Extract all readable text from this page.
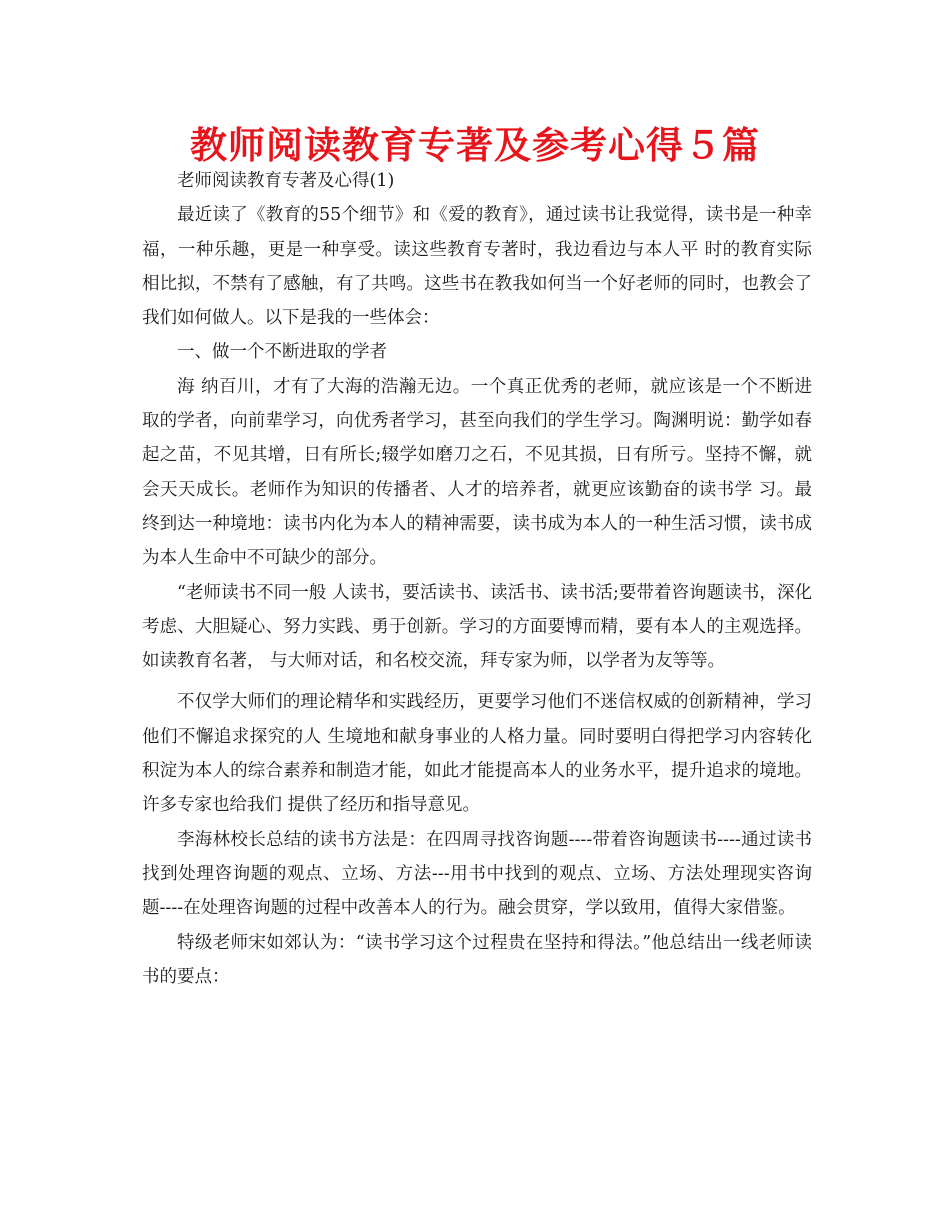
教师阅读教育专著及参考心得５篇

老师阅读教育专著及心得(1)

最近读了《教育的55个细节》和《爱的教育》，通过读书让我觉得，读书是一种幸福，一种乐趣，更是一种享受。读这些教育专著时，我边看边与本人平 时的教育实际相比拟，不禁有了感触，有了共鸣。这些书在教我如何当一个好老师的同时，也教会了我们如何做人。以下是我的一些体会：

一、做一个不断进取的学者

海 纳百川，才有了大海的浩瀚无边。一个真正优秀的老师，就应该是一个不断进取的学者，向前辈学习，向优秀者学习，甚至向我们的学生学习。陶渊明说：勤学如春 起之苗，不见其增，日有所长;辍学如磨刀之石，不见其损，日有所亏。坚持不懈，就会天天成长。老师作为知识的传播者、人才的培养者，就更应该勤奋的读书学 习。最终到达一种境地：读书内化为本人的精神需要，读书成为本人的一种生活习惯，读书成为本人生命中不可缺少的部分。

“老师读书不同一般 人读书，要活读书、读活书、读书活;要带着咨询题读书，深化考虑、大胆疑心、努力实践、勇于创新。学习的方面要博而精，要有本人的主观选择。如读教育名著， 与大师对话，和名校交流，拜专家为师，以学者为友等等。

不仅学大师们的理论精华和实践经历，更要学习他们不迷信权威的创新精神，学习他们不懈追求探究的人 生境地和献身事业的人格力量。同时要明白得把学习内容转化积淀为本人的综合素养和制造才能，如此才能提高本人的业务水平，提升追求的境地。许多专家也给我们 提供了经历和指导意见。

李海林校长总结的读书方法是：在四周寻找咨询题----带着咨询题读书----通过读书找到处理咨询题的观点、立场、方法---用书中找到的观点、立场、方法处理现实咨询题----在处理咨询题的过程中改善本人的行为。融会贯穿，学以致用，值得大家借鉴。

特级老师宋如郊认为：“读书学习这个过程贵在坚持和得法。”他总结出一线老师读书的要点：
